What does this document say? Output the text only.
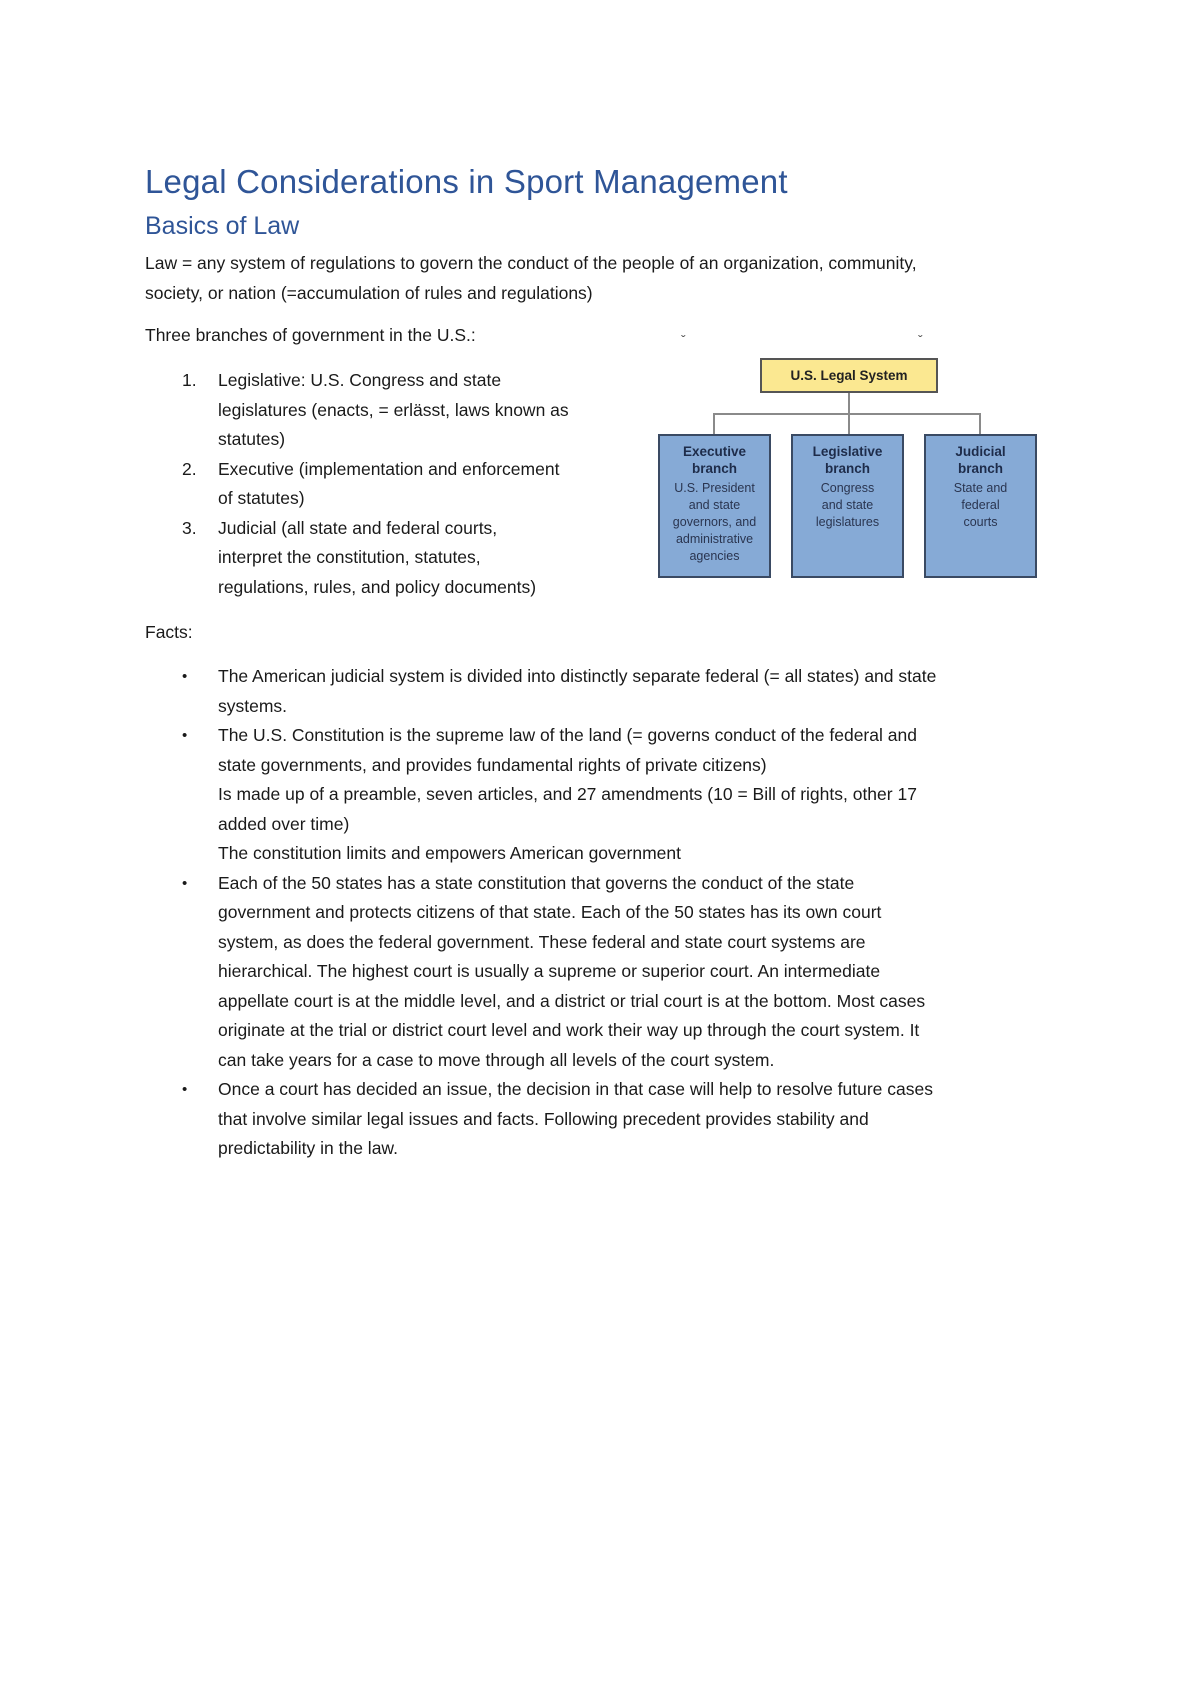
Legal Considerations in Sport Management
Basics of Law
Law = any system of regulations to govern the conduct of the people of an organization, community,
society, or nation (=accumulation of rules and regulations)
Three branches of government in the U.S.:
1. Legislative: U.S. Congress and state
legislatures (enacts, = erlässt, laws known as
statutes)
2. Executive (implementation and enforcement
of statutes)
3. Judicial (all state and federal courts,
interpret the constitution, statutes,
regulations, rules, and policy documents)
ˇ	ˇ
U.S. Legal System
Executive
branch
U.S. President
and state
governors, and
administrative
agencies
Legislative
branch
Congress
and state
legislatures
Judicial
branch
State and
federal
courts
Facts:
• The American judicial system is divided into distinctly separate federal (= all states) and state
systems.
• The U.S. Constitution is the supreme law of the land (= governs conduct of the federal and
state governments, and provides fundamental rights of private citizens)
Is made up of a preamble, seven articles, and 27 amendments (10 = Bill of rights, other 17
added over time)
The constitution limits and empowers American government
• Each of the 50 states has a state constitution that governs the conduct of the state
government and protects citizens of that state. Each of the 50 states has its own court
system, as does the federal government. These federal and state court systems are
hierarchical. The highest court is usually a supreme or superior court. An intermediate
appellate court is at the middle level, and a district or trial court is at the bottom. Most cases
originate at the trial or district court level and work their way up through the court system. It
can take years for a case to move through all levels of the court system.
• Once a court has decided an issue, the decision in that case will help to resolve future cases
that involve similar legal issues and facts. Following precedent provides stability and
predictability in the law.
